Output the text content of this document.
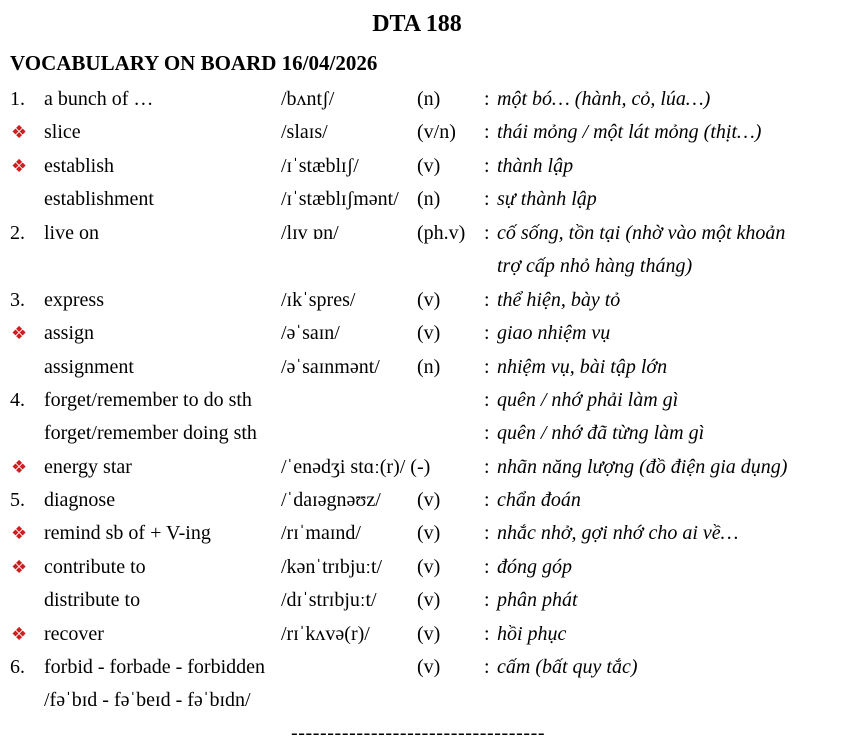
DTA 188
VOCABULARY ON BOARD 16/04/2026
1. a bunch of …	/bʌntʃ/	(n) : một bó… (hành, cỏ, lúa…)
❖ slice	/slaɪs/	(v/n) : thái mỏng / một lát mỏng (thịt…)
❖ establish	/ɪˈstæblɪʃ/	(v) : thành lập
establishment	/ɪˈstæblɪʃmənt/ (n) : sự thành lập
2. live on	/lɪv ɒn/	(ph.v) : cố sống, tồn tại (nhờ vào một khoản
trợ cấp nhỏ hàng tháng)
3. express	/ɪkˈspres/	(v) : thể hiện, bày tỏ
❖ assign	/əˈsaɪn/	(v) : giao nhiệm vụ
assignment	/əˈsaɪnmənt/ (n) : nhiệm vụ, bài tập lớn
4. forget/remember to do sth	: quên / nhớ phải làm gì
forget/remember doing sth	: quên / nhớ đã từng làm gì
❖ energy star	/ˈenədʒi stɑː(r)/ (-)	: nhãn năng lượng (đồ điện gia dụng)
5. diagnose	/ˈdaɪəgnəʊz/ (v) : chẩn đoán
❖ remind sb of + V-ing	/rɪˈmaɪnd/	(v) : nhắc nhở, gợi nhớ cho ai về…
❖ contribute to	/kənˈtrɪbjuːt/ (v) : đóng góp
distribute to	/dɪˈstrɪbjuːt/ (v) : phân phát
❖ recover	/rɪˈkʌvə(r)/ (v) : hồi phục
6. forbid - forbade - forbidden	(v) : cấm (bất quy tắc)
/fəˈbɪd - fəˈbeɪd - fəˈbɪdn/
-----------------------------------
